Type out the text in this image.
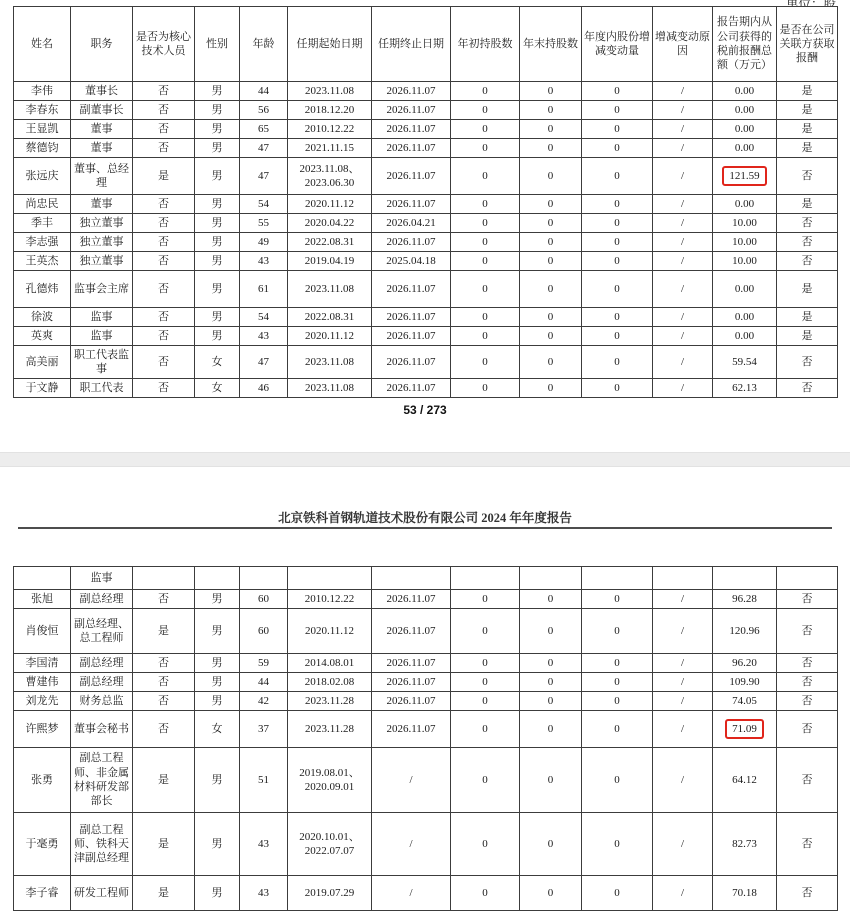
姓名	职务	是否为核心技术人员	性别	年龄	任期起始日期	任期终止日期	年初持股数	年末持股数	年度内股份增减变动量	增减变动原因	报告期内从公司获得的税前报酬总额（万元）	是否在公司关联方获取报酬
李伟	董事长	否	男	44	2023.11.08	2026.11.07	0	0	0	/	0.00	是
李春东	副董事长	否	男	56	2018.12.20	2026.11.07	0	0	0	/	0.00	是
王显凯	董事	否	男	65	2010.12.22	2026.11.07	0	0	0	/	0.00	是
蔡德钧	董事	否	男	47	2021.11.15	2026.11.07	0	0	0	/	0.00	是
张远庆	董事、总经理	是	男	47	2023.11.08、2023.06.30	2026.11.07	0	0	0	/	121.59	否
尚忠民	董事	否	男	54	2020.11.12	2026.11.07	0	0	0	/	0.00	是
季丰	独立董事	否	男	55	2020.04.22	2026.04.21	0	0	0	/	10.00	否
李志强	独立董事	否	男	49	2022.08.31	2026.11.07	0	0	0	/	10.00	否
王英杰	独立董事	否	男	43	2019.04.19	2025.04.18	0	0	0	/	10.00	否
孔德炜	监事会主席	否	男	61	2023.11.08	2026.11.07	0	0	0	/	0.00	是
徐波	监事	否	男	54	2022.08.31	2026.11.07	0	0	0	/	0.00	是
英爽	监事	否	男	43	2020.11.12	2026.11.07	0	0	0	/	0.00	是
高美丽	职工代表监事	否	女	47	2023.11.08	2026.11.07	0	0	0	/	59.54	否
于文静	职工代表	否	女	46	2023.11.08	2026.11.07	0	0	0	/	62.13	否
53 / 273
北京铁科首钢轨道技术股份有限公司 2024 年年度报告
	监事											
张旭	副总经理	否	男	60	2010.12.22	2026.11.07	0	0	0	/	96.28	否
肖俊恒	副总经理、总工程师	是	男	60	2020.11.12	2026.11.07	0	0	0	/	120.96	否
李国清	副总经理	否	男	59	2014.08.01	2026.11.07	0	0	0	/	96.20	否
曹建伟	副总经理	否	男	44	2018.02.08	2026.11.07	0	0	0	/	109.90	否
刘龙先	财务总监	否	男	42	2023.11.28	2026.11.07	0	0	0	/	74.05	否
许熙梦	董事会秘书	否	女	37	2023.11.28	2026.11.07	0	0	0	/	71.09	否
张勇	副总工程师、非金属材料研发部部长	是	男	51	2019.08.01、2020.09.01	/	0	0	0	/	64.12	否
于毫勇	副总工程师、铁科天津副总经理	是	男	43	2020.10.01、2022.07.07	/	0	0	0	/	82.73	否
李子睿	研发工程师	是	男	43	2019.07.29	/	0	0	0	/	70.18	否
